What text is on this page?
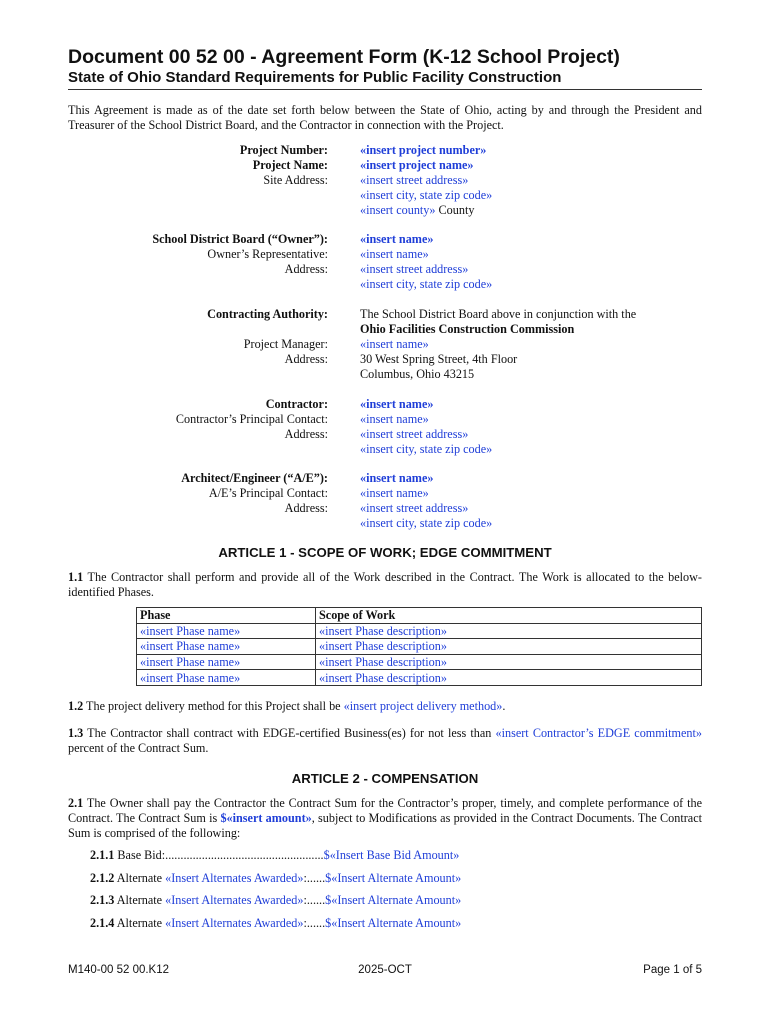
Document 00 52 00 - Agreement Form (K-12 School Project)
State of Ohio Standard Requirements for Public Facility Construction
This Agreement is made as of the date set forth below between the State of Ohio, acting by and through the President and Treasurer of the School District Board, and the Contractor in connection with the Project.
Project Number:	«insert project number»
Project Name:	«insert project name»
Site Address:	«insert street address»
«insert city, state zip code»
«insert county» County
School District Board (“Owner”):	«insert name»
Owner’s Representative:	«insert name»
Address:	«insert street address»
«insert city, state zip code»
Contracting Authority:	The School District Board above in conjunction with the
Ohio Facilities Construction Commission
Project Manager:	«insert name»
Address:	30 West Spring Street, 4th Floor
Columbus, Ohio 43215
Contractor:	«insert name»
Contractor’s Principal Contact:	«insert name»
Address:	«insert street address»
«insert city, state zip code»
Architect/Engineer (“A/E”):	«insert name»
A/E’s Principal Contact:	«insert name»
Address:	«insert street address»
«insert city, state zip code»
ARTICLE 1 - SCOPE OF WORK; EDGE COMMITMENT
1.1 The Contractor shall perform and provide all of the Work described in the Contract. The Work is allocated to the below-identified Phases.
Phase	Scope of Work
«insert Phase name»	«insert Phase description»
«insert Phase name»	«insert Phase description»
«insert Phase name»	«insert Phase description»
«insert Phase name»	«insert Phase description»
1.2 The project delivery method for this Project shall be «insert project delivery method».
1.3 The Contractor shall contract with EDGE-certified Business(es) for not less than «insert Contractor’s EDGE commitment» percent of the Contract Sum.
ARTICLE 2 - COMPENSATION
2.1 The Owner shall pay the Contractor the Contract Sum for the Contractor’s proper, timely, and complete performance of the Contract. The Contract Sum is $«insert amount», subject to Modifications as provided in the Contract Documents. The Contract Sum is comprised of the following:
2.1.1 Base Bid:....................................................$«Insert Base Bid Amount»
2.1.2 Alternate «Insert Alternates Awarded»:......$«Insert Alternate Amount»
2.1.3 Alternate «Insert Alternates Awarded»:......$«Insert Alternate Amount»
2.1.4 Alternate «Insert Alternates Awarded»:......$«Insert Alternate Amount»
M140-00 52 00.K12	2025-OCT	Page 1 of 5
